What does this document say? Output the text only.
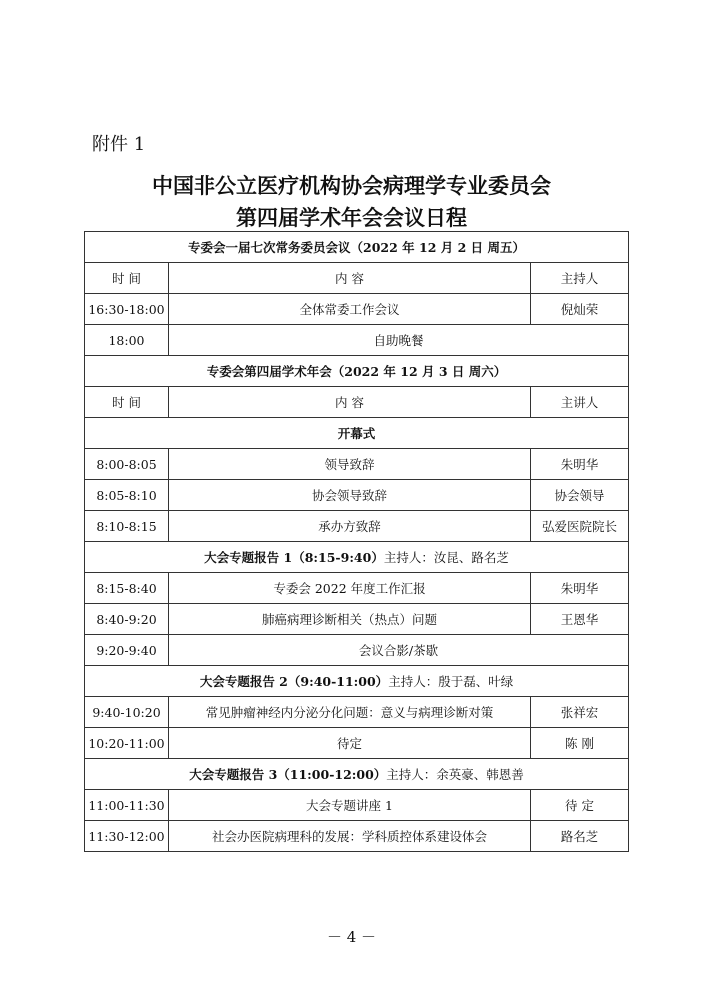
附件 1
中国非公立医疗机构协会病理学专业委员会
第四届学术年会会议日程
专委会一届七次常务委员会议（2022 年 12 月 2 日 周五）		
时 间	内 容	主持人
16:30-18:00	全体常委工作会议	倪灿荣
18:00	自助晚餐	
专委会第四届学术年会（2022 年 12 月 3 日 周六）		
时 间	内 容	主讲人
开幕式		
8:00-8:05	领导致辞	朱明华
8:05-8:10	协会领导致辞	协会领导
8:10-8:15	承办方致辞	弘爱医院院长
大会专题报告 1（8:15-9:40）主持人：汝昆、路名芝		
8:15-8:40	专委会 2022 年度工作汇报	朱明华
8:40-9:20	肺癌病理诊断相关（热点）问题	王恩华
9:20-9:40	会议合影/茶歇	
大会专题报告 2（9:40-11:00）主持人：殷于磊、叶绿		
9:40-10:20	常见肿瘤神经内分泌分化问题：意义与病理诊断对策	张祥宏
10:20-11:00	待定	陈 刚
大会专题报告 3（11:00-12:00）主持人：余英豪、韩恩善		
11:00-11:30	大会专题讲座 1	待 定
11:30-12:00	社会办医院病理科的发展：学科质控体系建设体会	路名芝
－ 4 －
